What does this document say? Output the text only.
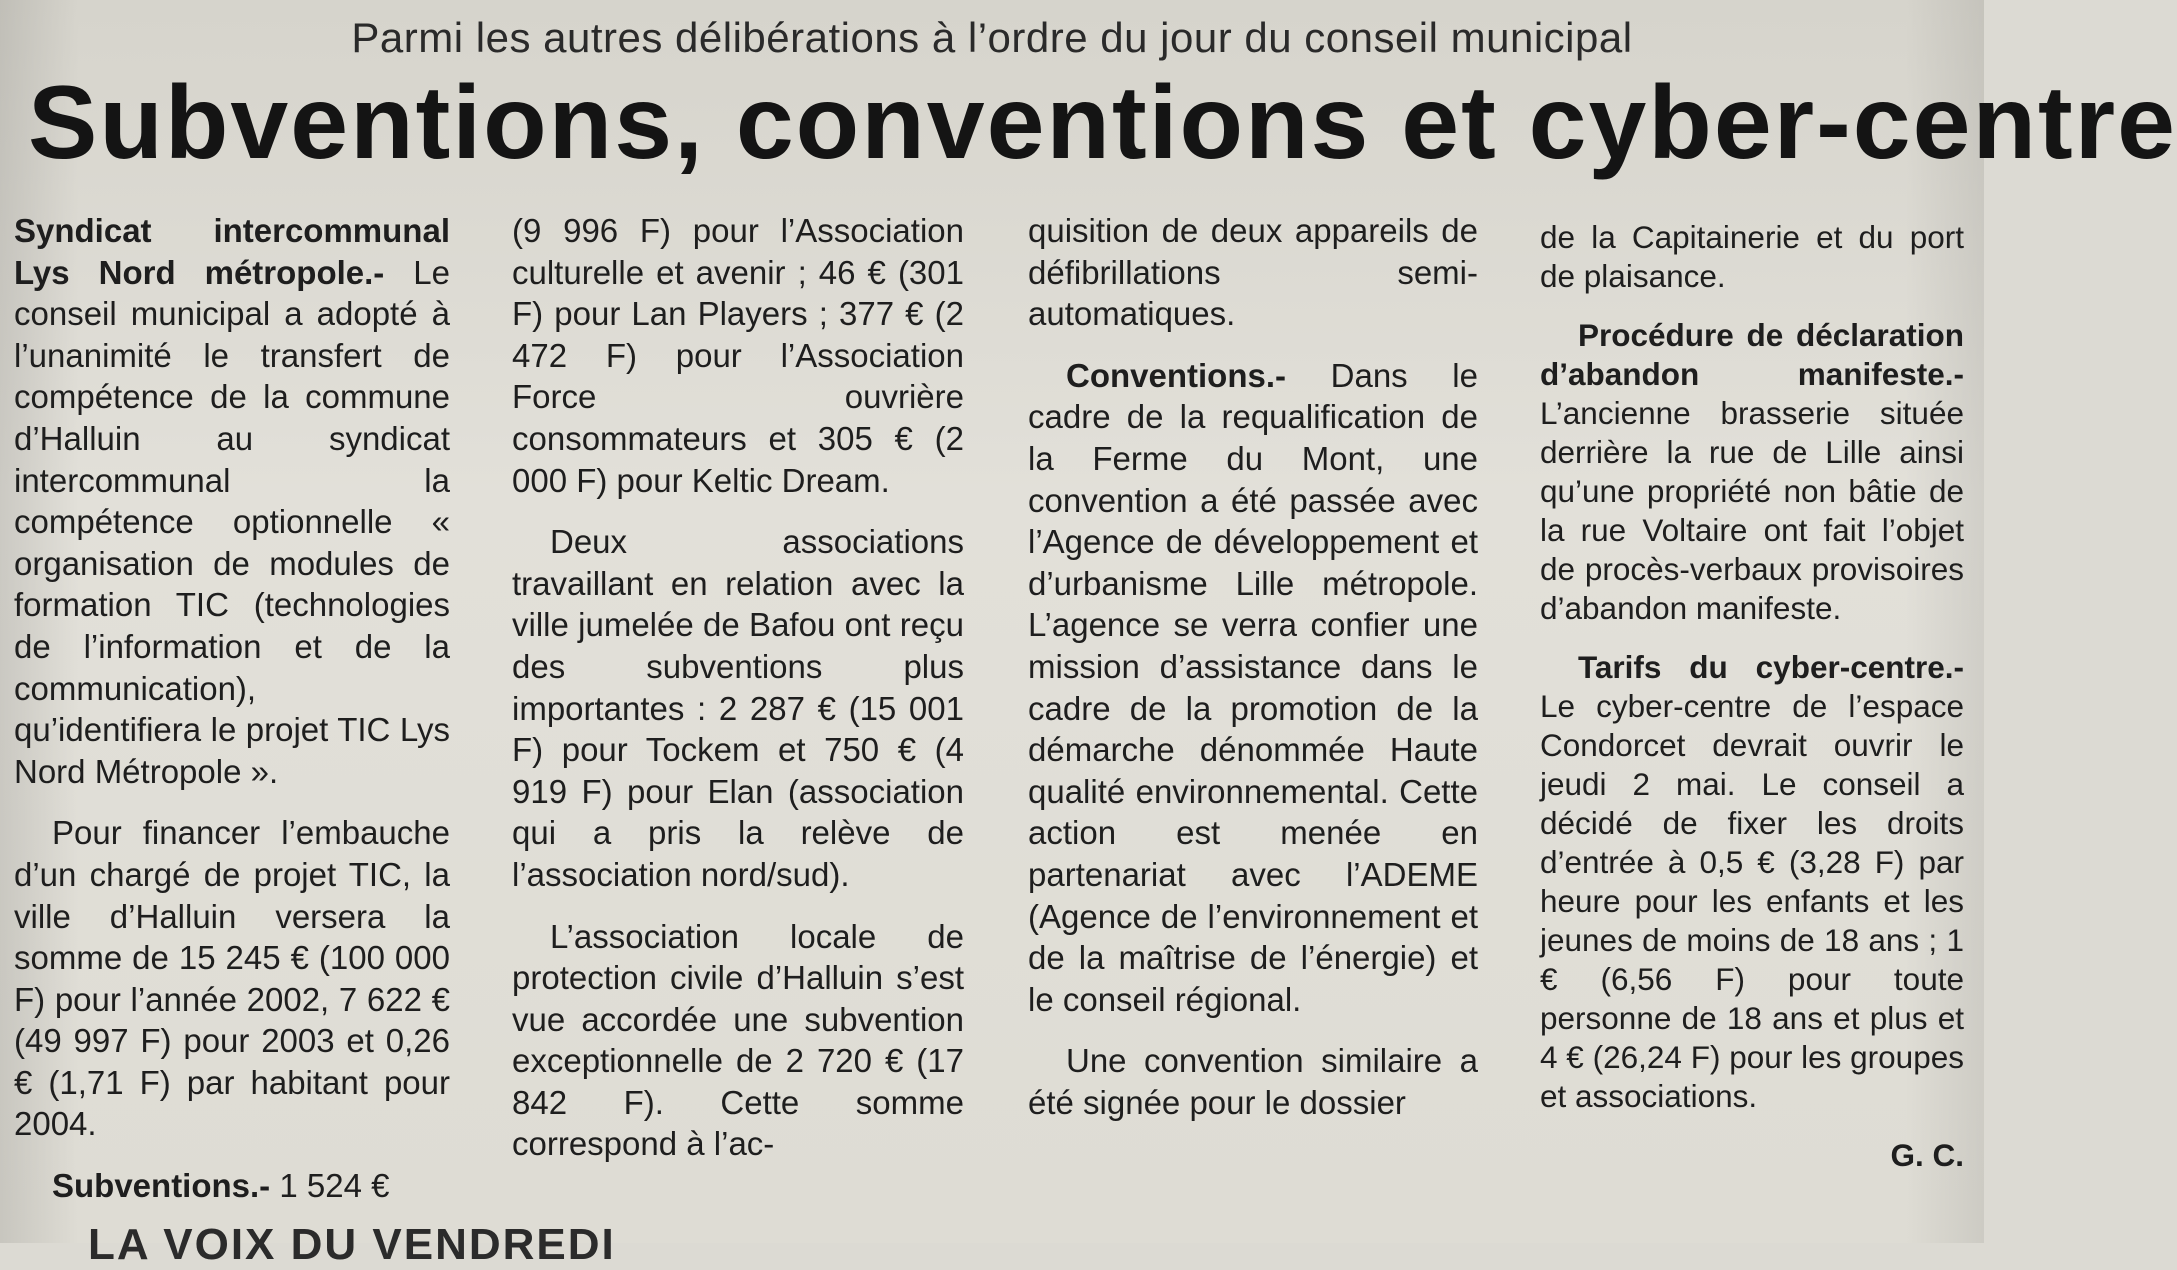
Parmi les autres délibérations à l’ordre du jour du conseil municipal
Subventions, conventions et cyber-centre

Syndicat intercommunal Lys Nord métropole.- Le conseil municipal a adopté à l’unanimité le transfert de compétence de la commune d’Halluin au syndicat intercommunal la compétence optionnelle « organisation de modules de formation TIC (technologies de l’information et de la communication), qu’identifiera le projet TIC Lys Nord Métropole ».

Pour financer l’embauche d’un chargé de projet TIC, la ville d’Halluin versera la somme de 15 245 € (100 000 F) pour l’année 2002, 7 622 € (49 997 F) pour 2003 et 0,26 € (1,71 F) par habitant pour 2004.

Subventions.- 1 524 €

(9 996 F) pour l’Association culturelle et avenir ; 46 € (301 F) pour Lan Players ; 377 € (2 472 F) pour l’Association Force ouvrière consommateurs et 305 € (2 000 F) pour Keltic Dream.

Deux associations travaillant en relation avec la ville jumelée de Bafou ont reçu des subventions plus importantes : 2 287 € (15 001 F) pour Tockem et 750 € (4 919 F) pour Elan (association qui a pris la relève de l’association nord/sud).

L’association locale de protection civile d’Halluin s’est vue accordée une subvention exceptionnelle de 2 720 € (17 842 F). Cette somme correspond à l’ac-

quisition de deux appareils de défibrillations semi-automatiques.

Conventions.- Dans le cadre de la requalification de la Ferme du Mont, une convention a été passée avec l’Agence de développement et d’urbanisme Lille métropole. L’agence se verra confier une mission d’assistance dans le cadre de la promotion de la démarche dénommée Haute qualité environnemental. Cette action est menée en partenariat avec l’ADEME (Agence de l’environnement et de la maîtrise de l’énergie) et le conseil régional.

Une convention similaire a été signée pour le dossier

de la Capitainerie et du port de plaisance.

Procédure de déclaration d’abandon manifeste.- L’ancienne brasserie située derrière la rue de Lille ainsi qu’une propriété non bâtie de la rue Voltaire ont fait l’objet de procès-verbaux provisoires d’abandon manifeste.

Tarifs du cyber-centre.- Le cyber-centre de l’espace Condorcet devrait ouvrir le jeudi 2 mai. Le conseil a décidé de fixer les droits d’entrée à 0,5 € (3,28 F) par heure pour les enfants et les jeunes de moins de 18 ans ; 1 € (6,56 F) pour toute personne de 18 ans et plus et 4 € (26,24 F) pour les groupes et associations.

G. C.

LA VOIX DU VENDREDI
